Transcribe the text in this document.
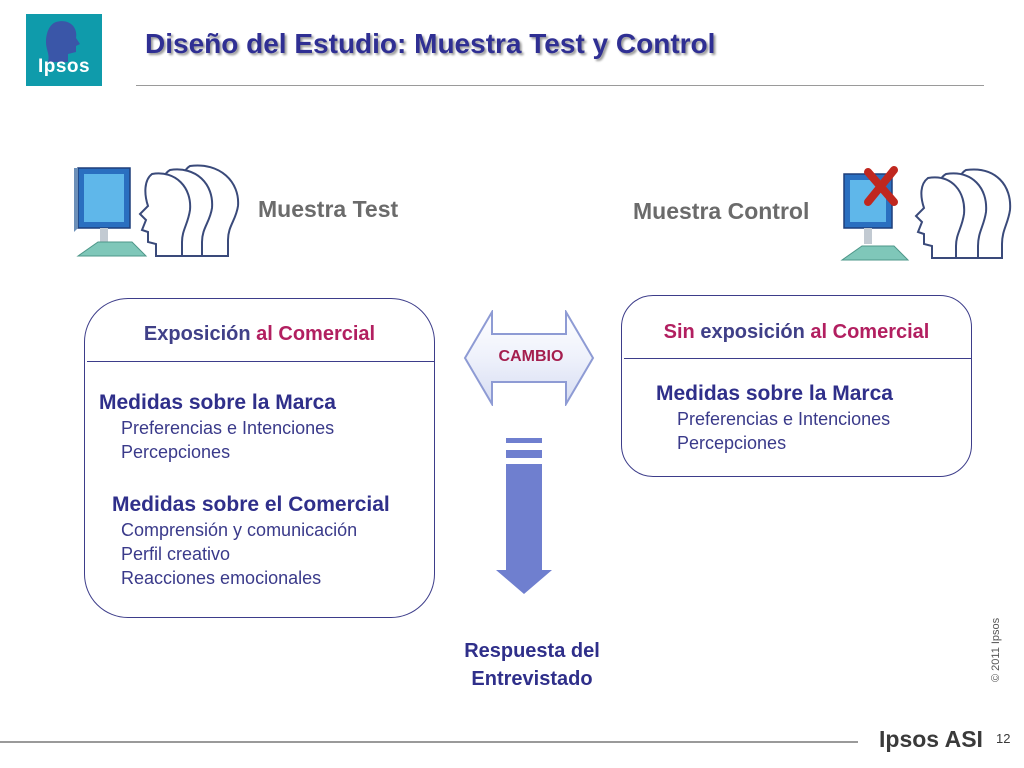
Ipsos
Diseño del Estudio: Muestra Test y Control
Muestra Test	Muestra Control
Exposición al Comercial
Medidas sobre la Marca
Preferencias e Intenciones
Percepciones
Medidas sobre el Comercial
Comprensión y comunicación
Perfil creativo
Reacciones emocionales
Sin exposición al Comercial
Medidas sobre la Marca
Preferencias e Intenciones
Percepciones
CAMBIO
Respuesta del
Entrevistado	© 2011 Ipsos
Ipsos ASI 12
